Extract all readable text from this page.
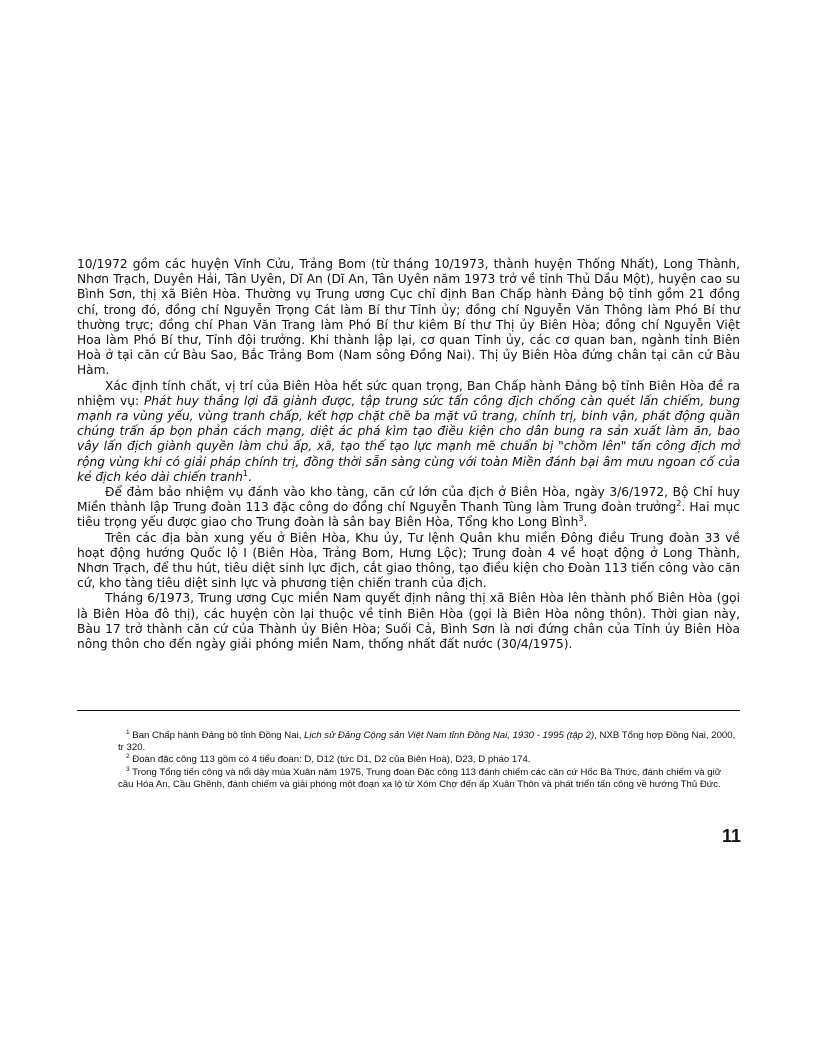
10/1972 gồm các huyện Vĩnh Cửu, Trảng Bom (từ tháng 10/1973, thành huyện Thống Nhất), Long Thành, Nhơn Trạch, Duyên Hải, Tân Uyên, Dĩ An (Dĩ An, Tân Uyên năm 1973 trở về tỉnh Thủ Dầu Một), huyện cao su Bình Sơn, thị xã Biên Hòa. Thường vụ Trung ương Cục chỉ định Ban Chấp hành Đảng bộ tỉnh gồm 21 đồng chí, trong đó, đồng chí Nguyễn Trọng Cát làm Bí thư Tỉnh ủy; đồng chí Nguyễn Văn Thông làm Phó Bí thư thường trực; đồng chí Phan Văn Trang làm Phó Bí thư kiêm Bí thư Thị ủy Biên Hòa; đồng chí Nguyễn Việt Hoa làm Phó Bí thư, Tỉnh đội trưởng. Khi thành lập lại, cơ quan Tỉnh ủy, các cơ quan ban, ngành tỉnh Biên Hoà ở tại căn cứ Bàu Sao, Bắc Trảng Bom (Nam sông Đồng Nai). Thị ủy Biên Hòa đứng chân tại căn cứ Bàu Hàm.

Xác định tính chất, vị trí của Biên Hòa hết sức quan trọng, Ban Chấp hành Đảng bộ tỉnh Biên Hòa đề ra nhiệm vụ: Phát huy thắng lợi đã giành được, tập trung sức tấn công địch chống càn quét lấn chiếm, bung mạnh ra vùng yếu, vùng tranh chấp, kết hợp chặt chẽ ba mặt vũ trang, chính trị, binh vận, phát động quần chúng trấn áp bọn phản cách mạng, diệt ác phá kìm tạo điều kiện cho dân bung ra sản xuất làm ăn, bao vây lấn địch giành quyền làm chủ ấp, xã, tạo thế tạo lực mạnh mẽ chuẩn bị "chồm lên" tấn công địch mở rộng vùng khi có giải pháp chính trị, đồng thời sẵn sàng cùng với toàn Miền đánh bại âm mưu ngoan cố của kẻ địch kéo dài chiến tranh$^1$.

Để đảm bảo nhiệm vụ đánh vào kho tàng, căn cứ lớn của địch ở Biên Hòa, ngày 3/6/1972, Bộ Chỉ huy Miền thành lập Trung đoàn 113 đặc công do đồng chí Nguyễn Thanh Tùng làm Trung đoàn trưởng$^2$. Hai mục tiêu trọng yếu được giao cho Trung đoàn là sân bay Biên Hòa, Tổng kho Long Bình$^3$.

Trên các địa bàn xung yếu ở Biên Hòa, Khu ủy, Tư lệnh Quân khu miền Đông điều Trung đoàn 33 về hoạt động hướng Quốc lộ I (Biên Hòa, Trảng Bom, Hưng Lộc); Trung đoàn 4 về hoạt động ở Long Thành, Nhơn Trạch, để thu hút, tiêu diệt sinh lực địch, cắt giao thông, tạo điều kiện cho Đoàn 113 tiến công vào căn cứ, kho tàng tiêu diệt sinh lực và phương tiện chiến tranh của địch.

Tháng 6/1973, Trung ương Cục miền Nam quyết định nâng thị xã Biên Hòa lên thành phố Biên Hòa (gọi là Biên Hòa đô thị), các huyện còn lại thuộc về tỉnh Biên Hòa (gọi là Biên Hòa nông thôn). Thời gian này, Bàu 17 trở thành căn cứ của Thành ủy Biên Hòa; Suối Cả, Bình Sơn là nơi đứng chân của Tỉnh ủy Biên Hòa nông thôn cho đến ngày giải phóng miền Nam, thống nhất đất nước (30/4/1975).

$^1$ Ban Chấp hành Đảng bộ tỉnh Đồng Nai, Lịch sử Đảng Cộng sản Việt Nam tỉnh Đồng Nai, 1930 - 1995 (tập 2), NXB Tổng hợp Đồng Nai, 2000, tr 320.

$^2$ Đoàn đặc công 113 gồm có 4 tiểu đoàn: D, D12 (tức D1, D2 của Biên Hoà), D23, D pháo 174.

$^3$ Trong Tổng tiến công và nổi dậy mùa Xuân năm 1975, Trung đoàn Đặc công 113 đánh chiếm các căn cứ Hốc Bà Thức, đánh chiếm và giữ cầu Hóa An, Cầu Ghềnh, đánh chiếm và giải phóng một đoạn xa lộ từ Xóm Chợ đến ấp Xuân Thôn và phát triển tấn công về hướng Thủ Đức.

11
